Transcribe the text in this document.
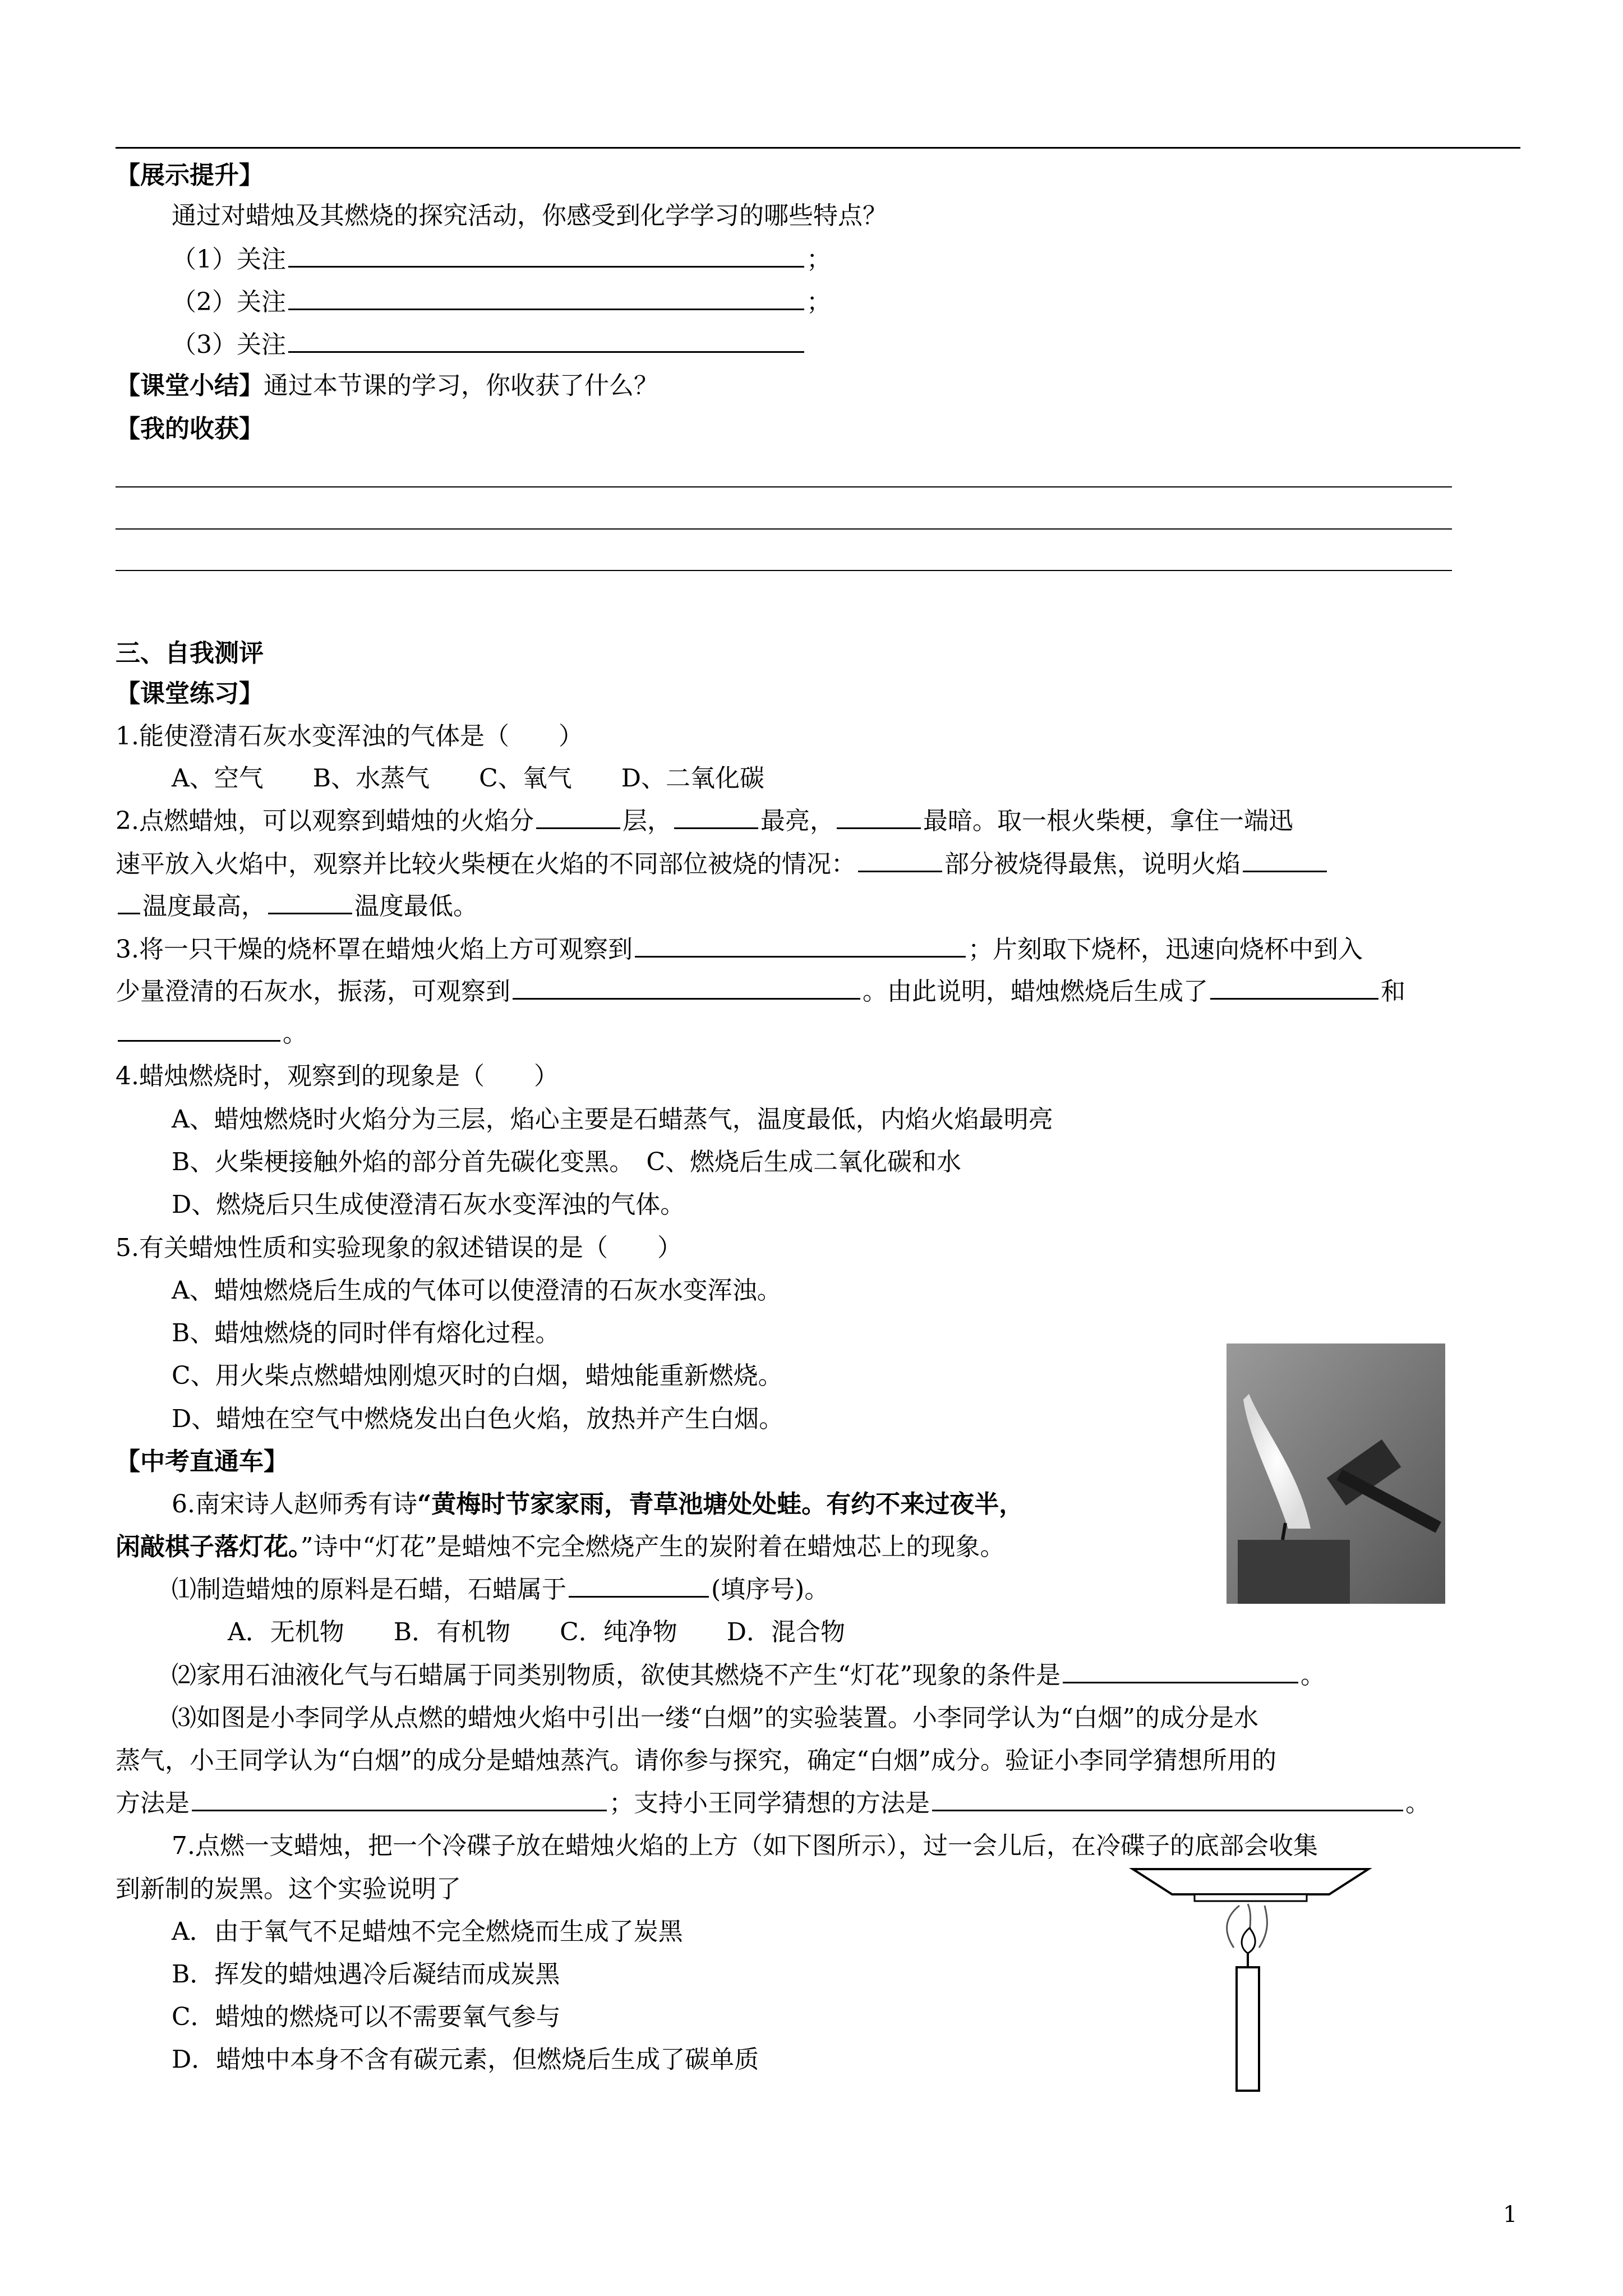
【展示提升】
通过对蜡烛及其燃烧的探究活动，你感受到化学学习的哪些特点？
（1）关注	；
（2）关注	；
（3）关注
【课堂小结】通过本节课的学习，你收获了什么？
【我的收获】
三、自我测评
【课堂练习】
1.能使澄清石灰水变浑浊的气体是（　　）
A、空气　　B、水蒸气　　C、氧气　　D、二氧化碳
2.点燃蜡烛，可以观察到蜡烛的火焰分	层，	最亮，	最暗。取一根火柴梗，拿住一端迅
速平放入火焰中，观察并比较火柴梗在火焰的不同部位被烧的情况：	部分被烧得最焦，说明火焰
温度最高，	温度最低。
3.将一只干燥的烧杯罩在蜡烛火焰上方可观察到	；片刻取下烧杯，迅速向烧杯中到入
少量澄清的石灰水，振荡，可观察到	。由此说明，蜡烛燃烧后生成了	和
。
4.蜡烛燃烧时，观察到的现象是（　　）
A、蜡烛燃烧时火焰分为三层，焰心主要是石蜡蒸气，温度最低，内焰火焰最明亮
B、火柴梗接触外焰的部分首先碳化变黑。　C、燃烧后生成二氧化碳和水
D、燃烧后只生成使澄清石灰水变浑浊的气体。
5.有关蜡烛性质和实验现象的叙述错误的是（　　）
A、蜡烛燃烧后生成的气体可以使澄清的石灰水变浑浊。
B、蜡烛燃烧的同时伴有熔化过程。
C、用火柴点燃蜡烛刚熄灭时的白烟，蜡烛能重新燃烧。
D、蜡烛在空气中燃烧发出白色火焰，放热并产生白烟。
【中考直通车】
6.南宋诗人赵师秀有诗“黄梅时节家家雨，青草池塘处处蛙。有约不来过夜半，
闲敲棋子落灯花。”诗中“灯花”是蜡烛不完全燃烧产生的炭附着在蜡烛芯上的现象。
⑴制造蜡烛的原料是石蜡，石蜡属于	(填序号)。
A．无机物　　B．有机物　　C．纯净物　　D．混合物
⑵家用石油液化气与石蜡属于同类别物质，欲使其燃烧不产生“灯花”现象的条件是	。
⑶如图是小李同学从点燃的蜡烛火焰中引出一缕“白烟”的实验装置。小李同学认为“白烟”的成分是水
蒸气，小王同学认为“白烟”的成分是蜡烛蒸汽。请你参与探究，确定“白烟”成分。验证小李同学猜想所用的
方法是	；支持小王同学猜想的方法是	。
7.点燃一支蜡烛，把一个冷碟子放在蜡烛火焰的上方（如下图所示），过一会儿后，在冷碟子的底部会收集
到新制的炭黑。这个实验说明了
A．由于氧气不足蜡烛不完全燃烧而生成了炭黑
B．挥发的蜡烛遇冷后凝结而成炭黑
C．蜡烛的燃烧可以不需要氧气参与
D．蜡烛中本身不含有碳元素，但燃烧后生成了碳单质
1
